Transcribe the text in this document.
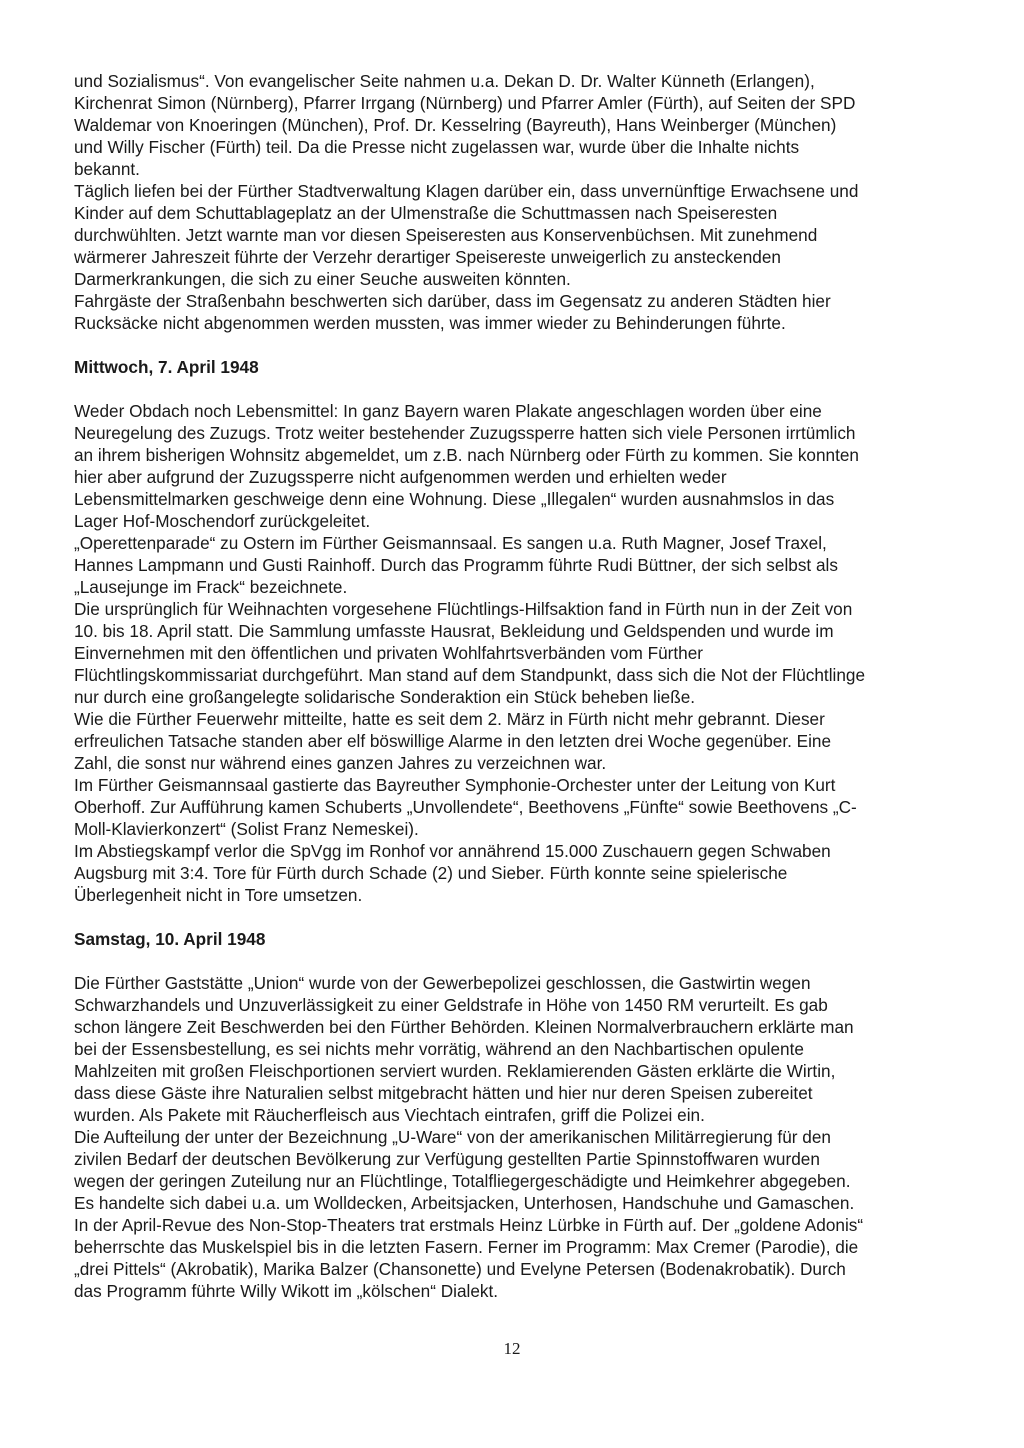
und Sozialismus“. Von evangelischer Seite nahmen u.a. Dekan D. Dr. Walter Künneth (Erlangen),
Kirchenrat Simon (Nürnberg), Pfarrer Irrgang (Nürnberg) und Pfarrer Amler (Fürth), auf Seiten der SPD
Waldemar von Knoeringen (München), Prof. Dr. Kesselring (Bayreuth), Hans Weinberger (München)
und Willy Fischer (Fürth) teil. Da die Presse nicht zugelassen war, wurde über die Inhalte nichts
bekannt.

Täglich liefen bei der Fürther Stadtverwaltung Klagen darüber ein, dass unvernünftige Erwachsene und
Kinder auf dem Schuttablageplatz an der Ulmenstraße die Schuttmassen nach Speiseresten
durchwühlten. Jetzt warnte man vor diesen Speiseresten aus Konservenbüchsen. Mit zunehmend
wärmerer Jahreszeit führte der Verzehr derartiger Speisereste unweigerlich zu ansteckenden
Darmerkrankungen, die sich zu einer Seuche ausweiten könnten.

Fahrgäste der Straßenbahn beschwerten sich darüber, dass im Gegensatz zu anderen Städten hier
Rucksäcke nicht abgenommen werden mussten, was immer wieder zu Behinderungen führte.

Mittwoch, 7. April 1948

Weder Obdach noch Lebensmittel: In ganz Bayern waren Plakate angeschlagen worden über eine
Neuregelung des Zuzugs. Trotz weiter bestehender Zuzugssperre hatten sich viele Personen irrtümlich
an ihrem bisherigen Wohnsitz abgemeldet, um z.B. nach Nürnberg oder Fürth zu kommen. Sie konnten
hier aber aufgrund der Zuzugssperre nicht aufgenommen werden und erhielten weder
Lebensmittelmarken geschweige denn eine Wohnung. Diese „Illegalen“ wurden ausnahmslos in das
Lager Hof-Moschendorf zurückgeleitet.

„Operettenparade“ zu Ostern im Fürther Geismannsaal. Es sangen u.a. Ruth Magner, Josef Traxel,
Hannes Lampmann und Gusti Rainhoff. Durch das Programm führte Rudi Büttner, der sich selbst als
„Lausejunge im Frack“ bezeichnete.

Die ursprünglich für Weihnachten vorgesehene Flüchtlings-Hilfsaktion fand in Fürth nun in der Zeit von
10. bis 18. April statt. Die Sammlung umfasste Hausrat, Bekleidung und Geldspenden und wurde im
Einvernehmen mit den öffentlichen und privaten Wohlfahrtsverbänden vom Fürther
Flüchtlingskommissariat durchgeführt. Man stand auf dem Standpunkt, dass sich die Not der Flüchtlinge
nur durch eine großangelegte solidarische Sonderaktion ein Stück beheben ließe.

Wie die Fürther Feuerwehr mitteilte, hatte es seit dem 2. März in Fürth nicht mehr gebrannt. Dieser
erfreulichen Tatsache standen aber elf böswillige Alarme in den letzten drei Woche gegenüber. Eine
Zahl, die sonst nur während eines ganzen Jahres zu verzeichnen war.

Im Fürther Geismannsaal gastierte das Bayreuther Symphonie-Orchester unter der Leitung von Kurt
Oberhoff. Zur Aufführung kamen Schuberts „Unvollendete“, Beethovens „Fünfte“ sowie Beethovens „C-
Moll-Klavierkonzert“ (Solist Franz Nemeskei).

Im Abstiegskampf verlor die SpVgg im Ronhof vor annährend 15.000 Zuschauern gegen Schwaben
Augsburg mit 3:4. Tore für Fürth durch Schade (2) und Sieber. Fürth konnte seine spielerische
Überlegenheit nicht in Tore umsetzen.

Samstag, 10. April 1948

Die Fürther Gaststätte „Union“ wurde von der Gewerbepolizei geschlossen, die Gastwirtin wegen
Schwarzhandels und Unzuverlässigkeit zu einer Geldstrafe in Höhe von 1450 RM verurteilt. Es gab
schon längere Zeit Beschwerden bei den Fürther Behörden. Kleinen Normalverbrauchern erklärte man
bei der Essensbestellung, es sei nichts mehr vorrätig, während an den Nachbartischen opulente
Mahlzeiten mit großen Fleischportionen serviert wurden. Reklamierenden Gästen erklärte die Wirtin,
dass diese Gäste ihre Naturalien selbst mitgebracht hätten und hier nur deren Speisen zubereitet
wurden. Als Pakete mit Räucherfleisch aus Viechtach eintrafen, griff die Polizei ein.

Die Aufteilung der unter der Bezeichnung „U-Ware“ von der amerikanischen Militärregierung für den
zivilen Bedarf der deutschen Bevölkerung zur Verfügung gestellten Partie Spinnstoffwaren wurden
wegen der geringen Zuteilung nur an Flüchtlinge, Totalfliegergeschädigte und Heimkehrer abgegeben.
Es handelte sich dabei u.a. um Wolldecken, Arbeitsjacken, Unterhosen, Handschuhe und Gamaschen.

In der April-Revue des Non-Stop-Theaters trat erstmals Heinz Lürbke in Fürth auf. Der „goldene Adonis“
beherrschte das Muskelspiel bis in die letzten Fasern. Ferner im Programm: Max Cremer (Parodie), die
„drei Pittels“ (Akrobatik), Marika Balzer (Chansonette) und Evelyne Petersen (Bodenakrobatik). Durch
das Programm führte Willy Wikott im „kölschen“ Dialekt.

12
